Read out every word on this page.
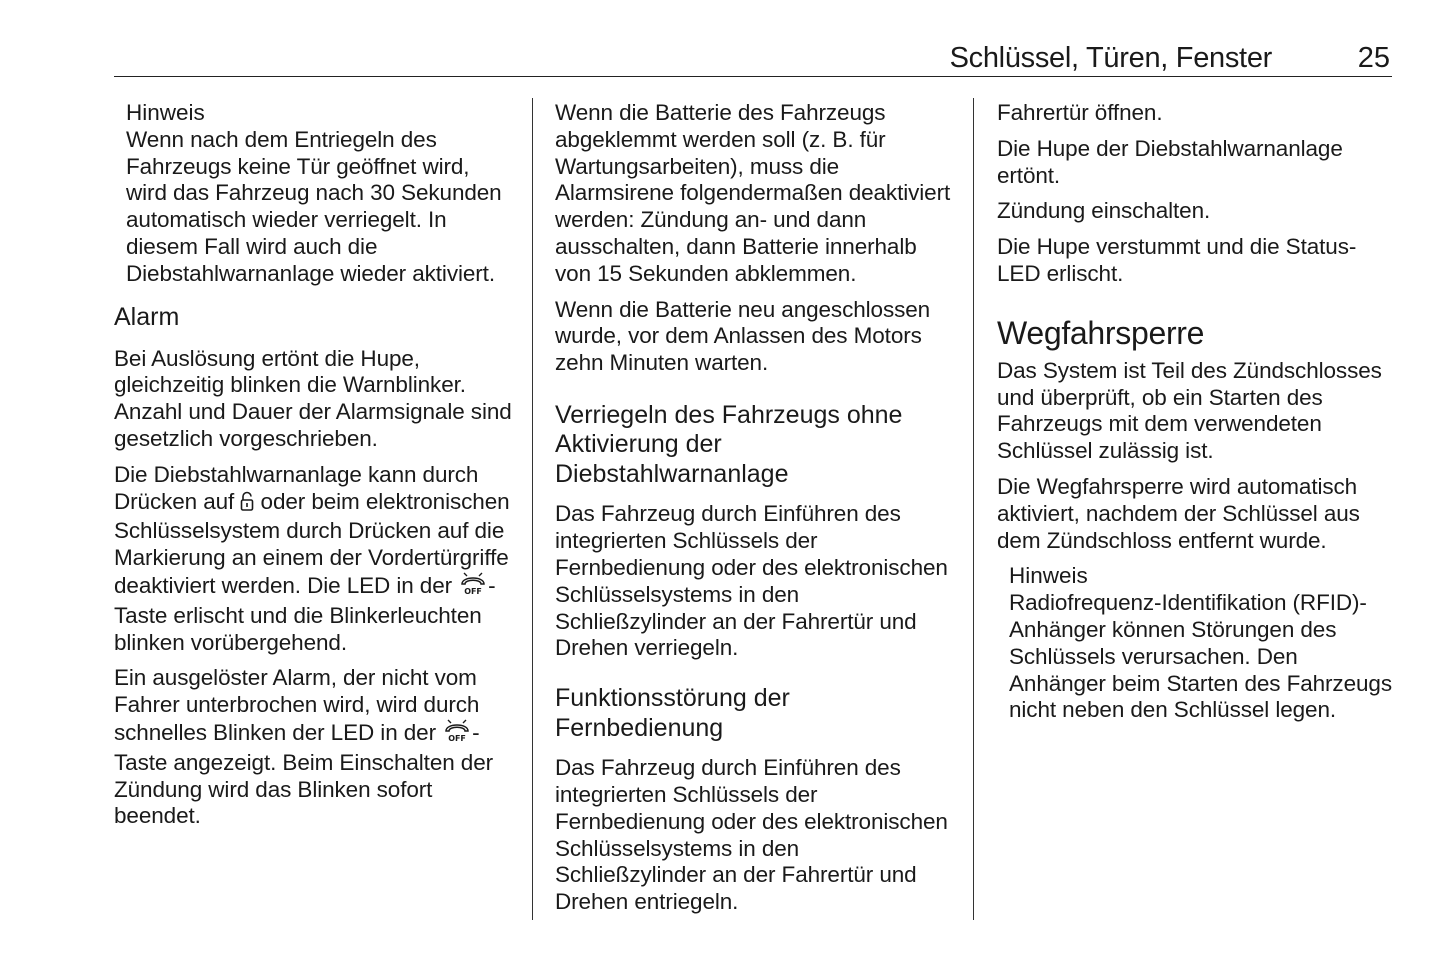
Schlüssel, Türen, Fenster	25
Hinweis

Wenn nach dem Entriegeln des Fahrzeugs keine Tür geöffnet wird, wird das Fahrzeug nach 30 Sekunden automatisch wieder verriegelt. In diesem Fall wird auch die Diebstahlwarnanlage wieder aktiviert.

Alarm

Bei Auslösung ertönt die Hupe, gleichzeitig blinken die Warnblinker. Anzahl und Dauer der Alarmsignale sind gesetzlich vorgeschrieben.

Die Diebstahlwarnanlage kann durch Drücken auf oder beim elektronischen Schlüsselsystem durch Drücken auf die Markierung an einem der Vordertürgriffe deaktiviert werden. Die LED in der OFF -Taste erlischt und die Blinkerleuchten blinken vorübergehend.

Ein ausgelöster Alarm, der nicht vom Fahrer unterbrochen wird, wird durch schnelles Blinken der LED in der OFF -Taste angezeigt. Beim Einschalten der Zündung wird das Blinken sofort beendet.

Wenn die Batterie des Fahrzeugs abgeklemmt werden soll (z. B. für Wartungsarbeiten), muss die Alarmsirene folgendermaßen deaktiviert werden: Zündung an- und dann ausschalten, dann Batterie innerhalb von 15 Sekunden abklemmen.

Wenn die Batterie neu angeschlossen wurde, vor dem Anlassen des Motors zehn Minuten warten.

Verriegeln des Fahrzeugs ohne Aktivierung der Diebstahlwarnanlage

Das Fahrzeug durch Einführen des integrierten Schlüssels der Fernbedienung oder des elektronischen Schlüsselsystems in den Schließzylinder an der Fahrertür und Drehen verriegeln.

Funktionsstörung der Fernbedienung

Das Fahrzeug durch Einführen des integrierten Schlüssels der Fernbedienung oder des elektronischen Schlüsselsystems in den Schließzylinder an der Fahrertür und Drehen entriegeln.

Fahrertür öffnen.

Die Hupe der Diebstahlwarnanlage ertönt.

Zündung einschalten.

Die Hupe verstummt und die Status-LED erlischt.

Wegfahrsperre

Das System ist Teil des Zündschlosses und überprüft, ob ein Starten des Fahrzeugs mit dem verwendeten Schlüssel zulässig ist.

Die Wegfahrsperre wird automatisch aktiviert, nachdem der Schlüssel aus dem Zündschloss entfernt wurde.

Hinweis

Radiofrequenz-Identifikation (RFID)-Anhänger können Störungen des Schlüssels verursachen. Den Anhänger beim Starten des Fahrzeugs nicht neben den Schlüssel legen.
